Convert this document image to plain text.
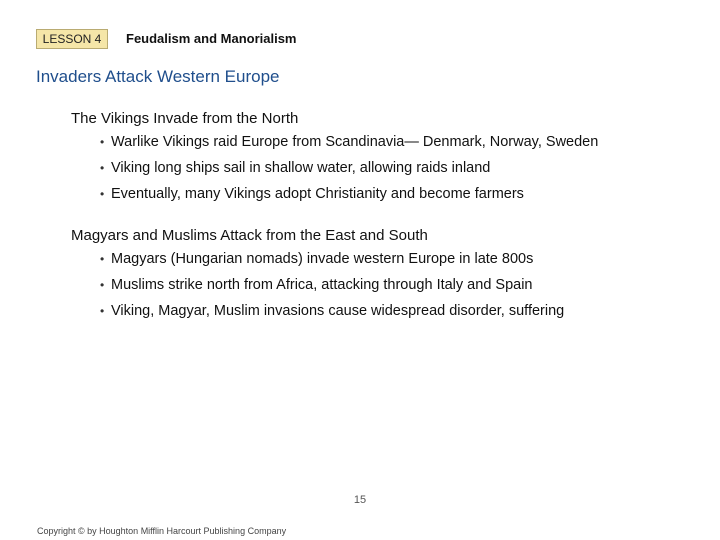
LESSON 4	Feudalism and Manorialism
Invaders Attack Western Europe
The Vikings Invade from the North
• Warlike Vikings raid Europe from Scandinavia— Denmark, Norway, Sweden
• Viking long ships sail in shallow water, allowing raids inland
• Eventually, many Vikings adopt Christianity and become farmers
Magyars and Muslims Attack from the East and South
• Magyars (Hungarian nomads) invade western Europe in late 800s
• Muslims strike north from Africa, attacking through Italy and Spain
• Viking, Magyar, Muslim invasions cause widespread disorder, suffering
15
Copyright © by Houghton Mifflin Harcourt Publishing Company
